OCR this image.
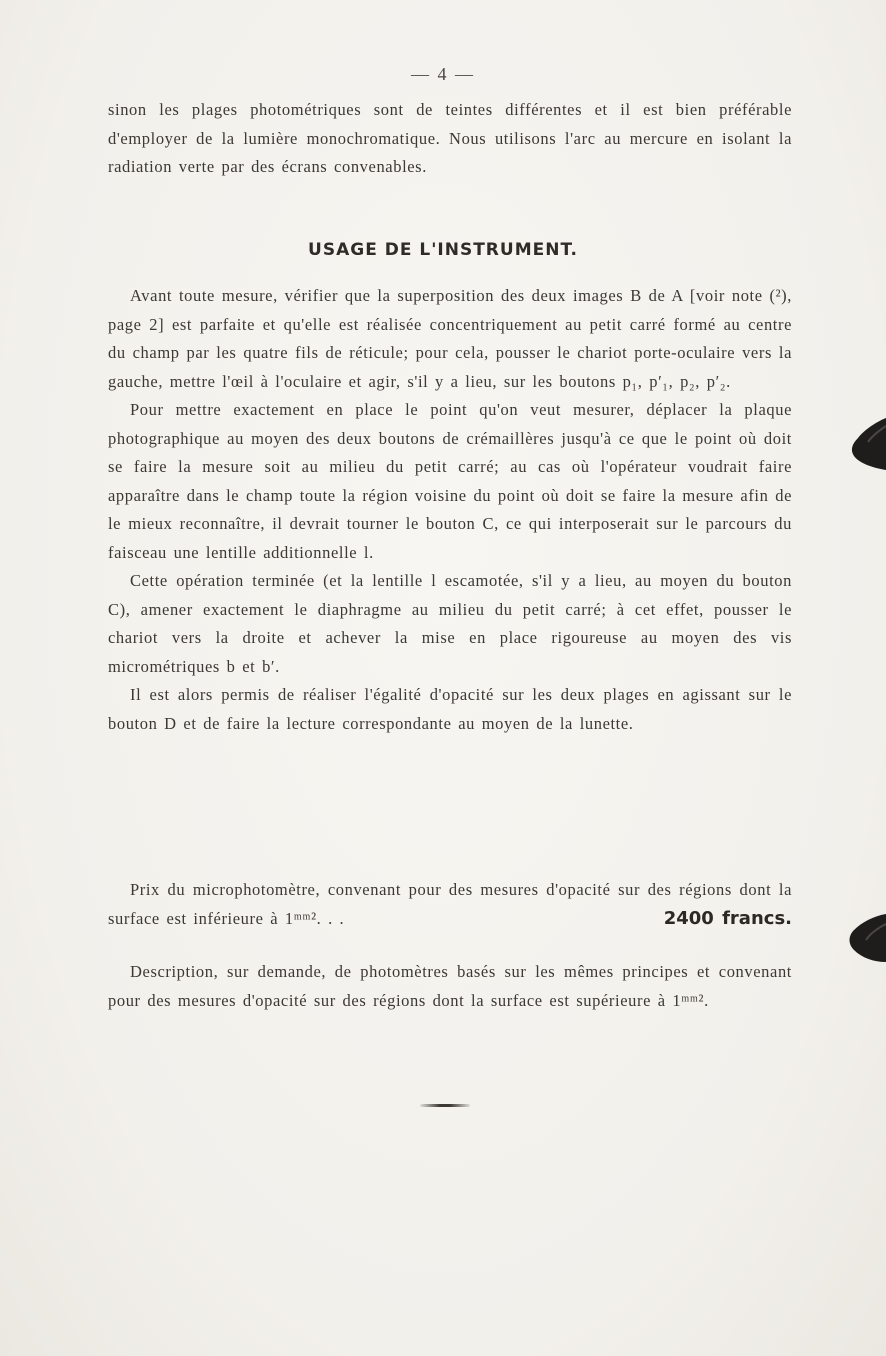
— 4 —

sinon les plages photométriques sont de teintes différentes et il est bien préférable d'employer de la lumière monochromatique. Nous utilisons l'arc au mercure en isolant la radiation verte par des écrans convenables.

USAGE DE L'INSTRUMENT.

Avant toute mesure, vérifier que la superposition des deux images B de A [voir note (²), page 2] est parfaite et qu'elle est réalisée concentriquement au petit carré formé au centre du champ par les quatre fils de réticule; pour cela, pousser le chariot porte-oculaire vers la gauche, mettre l'œil à l'oculaire et agir, s'il y a lieu, sur les boutons p₁, p′₁, p₂, p′₂.

Pour mettre exactement en place le point qu'on veut mesurer, déplacer la plaque photographique au moyen des deux boutons de crémaillères jusqu'à ce que le point où doit se faire la mesure soit au milieu du petit carré; au cas où l'opérateur voudrait faire apparaître dans le champ toute la région voisine du point où doit se faire la mesure afin de le mieux reconnaître, il devrait tourner le bouton C, ce qui interposerait sur le parcours du faisceau une lentille additionnelle l.

Cette opération terminée (et la lentille l escamotée, s'il y a lieu, au moyen du bouton C), amener exactement le diaphragme au milieu du petit carré; à cet effet, pousser le chariot vers la droite et achever la mise en place rigoureuse au moyen des vis micrométriques b et b′.

Il est alors permis de réaliser l'égalité d'opacité sur les deux plages en agissant sur le bouton D et de faire la lecture correspondante au moyen de la lunette.

Prix du microphotomètre, convenant pour des mesures d'opacité sur des régions dont la surface est inférieure à 1ᵐᵐ². . .	2400 francs.

Description, sur demande, de photomètres basés sur les mêmes principes et convenant pour des mesures d'opacité sur des régions dont la surface est supérieure à 1ᵐᵐ².
